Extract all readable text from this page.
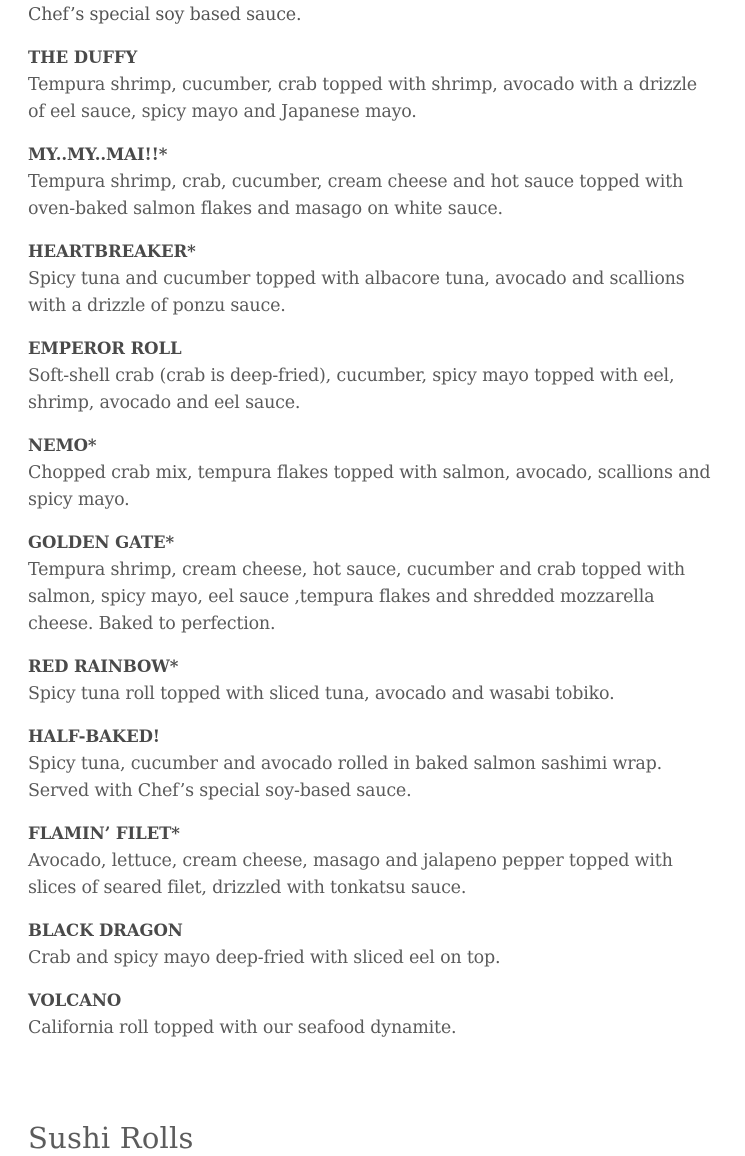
Chef’s special soy based sauce.
THE DUFFY
Tempura shrimp, cucumber, crab topped with shrimp, avocado with a drizzle of eel sauce, spicy mayo and Japanese mayo.
MY..MY..MAI!!*
Tempura shrimp, crab, cucumber, cream cheese and hot sauce topped with oven-baked salmon flakes and masago on white sauce.
HEARTBREAKER*
Spicy tuna and cucumber topped with albacore tuna, avocado and scallions with a drizzle of ponzu sauce.
EMPEROR ROLL
Soft-shell crab (crab is deep-fried), cucumber, spicy mayo topped with eel, shrimp, avocado and eel sauce.
NEMO*
Chopped crab mix, tempura flakes topped with salmon, avocado, scallions and spicy mayo.
GOLDEN GATE*
Tempura shrimp, cream cheese, hot sauce, cucumber and crab topped with salmon, spicy mayo, eel sauce ,tempura flakes and shredded mozzarella cheese. Baked to perfection.
RED RAINBOW*
Spicy tuna roll topped with sliced tuna, avocado and wasabi tobiko.
HALF-BAKED!
Spicy tuna, cucumber and avocado rolled in baked salmon sashimi wrap. Served with Chef’s special soy-based sauce.
FLAMIN’ FILET*
Avocado, lettuce, cream cheese, masago and jalapeno pepper topped with slices of seared filet, drizzled with tonkatsu sauce.
BLACK DRAGON
Crab and spicy mayo deep-fried with sliced eel on top.
VOLCANO
California roll topped with our seafood dynamite.
Sushi Rolls
